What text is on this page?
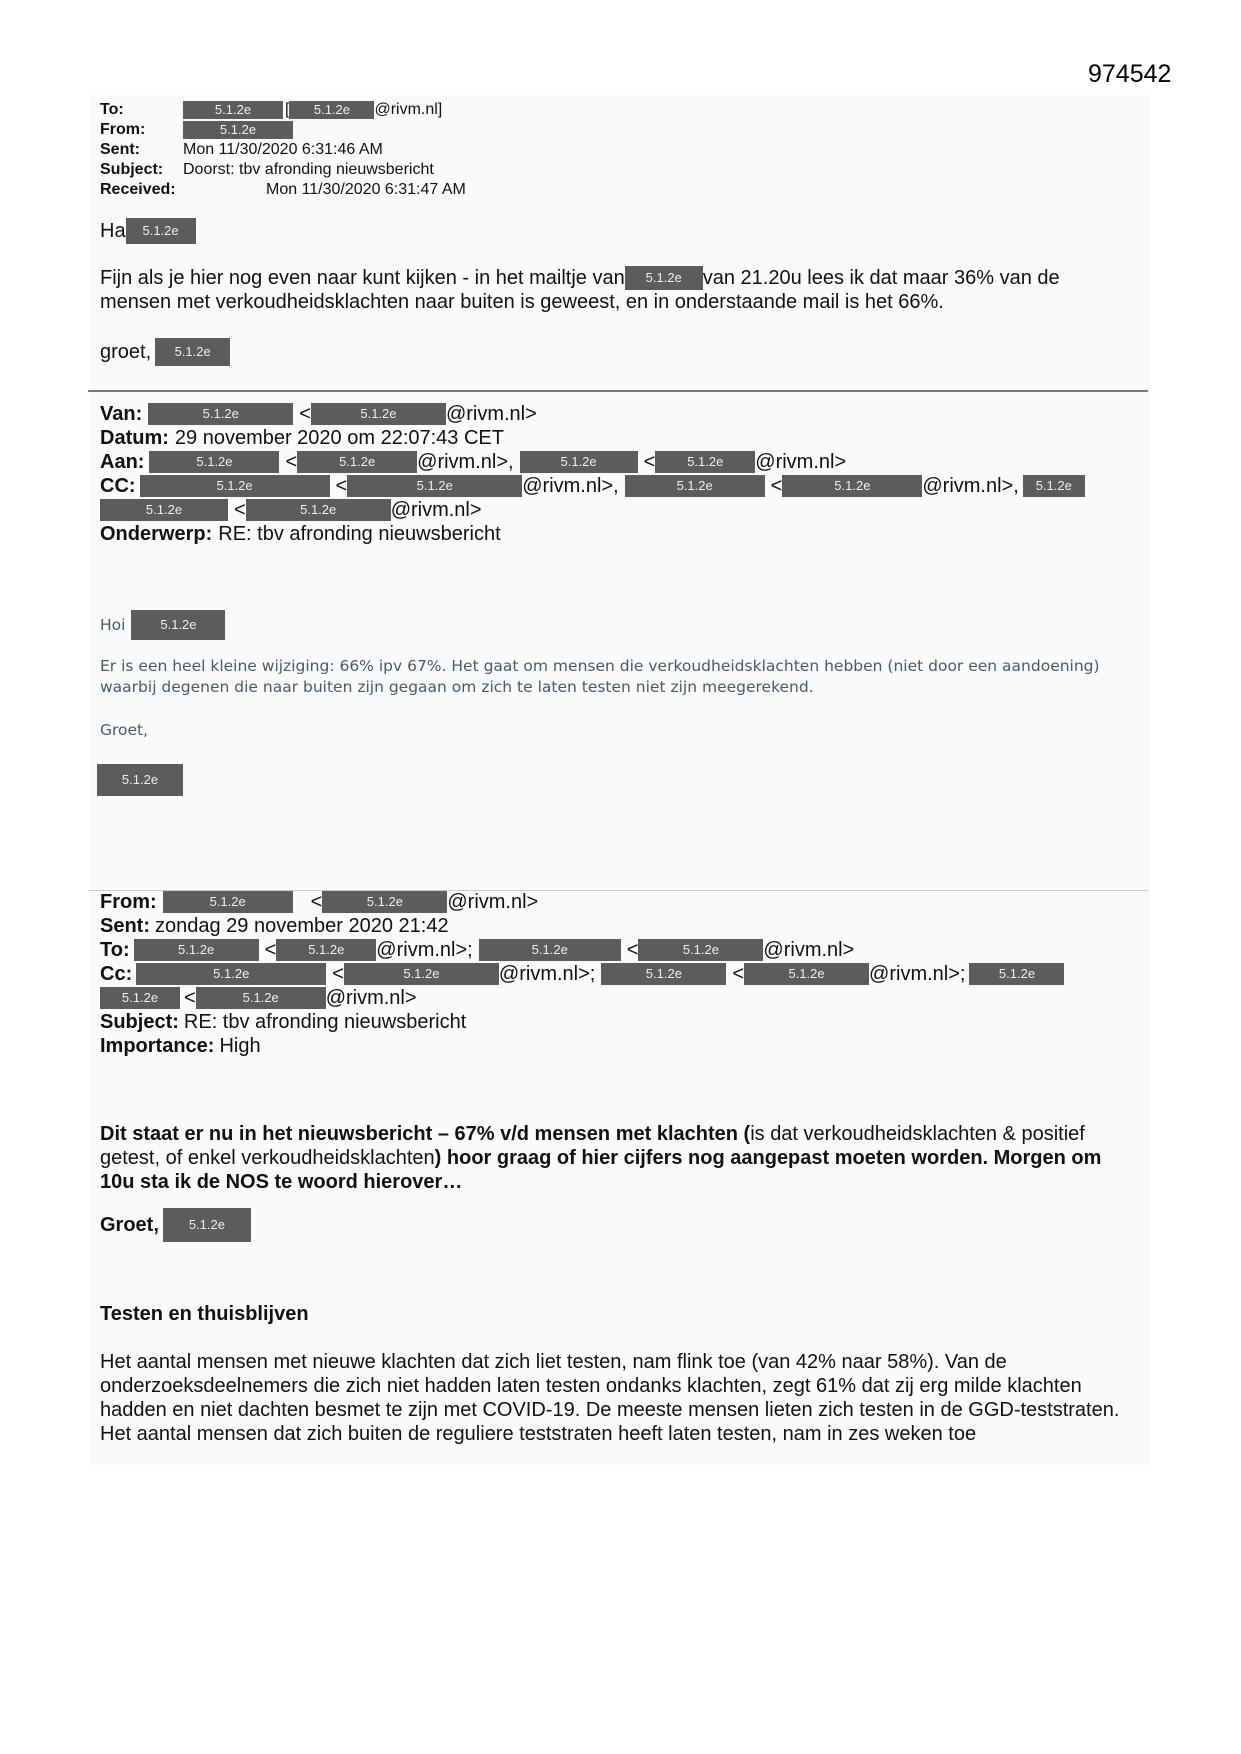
974542
To:	5.1.2e	[	5.1.2e	@rivm.nl]
From:	5.1.2e
Sent:	Mon 11/30/2020 6:31:46 AM
Subject:	Doorst: tbv afronding nieuwsbericht
Received:	Mon 11/30/2020 6:31:47 AM
Ha	5.1.2e
Fijn als je hier nog even naar kunt kijken - in het mailtje van	5.1.2e	van 21.20u lees ik dat maar 36% van de
mensen met verkoudheidsklachten naar buiten is geweest, en in onderstaande mail is het 66%.
groet,	5.1.2e
Van:	5.1.2e	<	5.1.2e	@rivm.nl>
Datum: 29 november 2020 om 22:07:43 CET
Aan:	5.1.2e	<	5.1.2e	@rivm.nl>,	5.1.2e	<	5.1.2e	@rivm.nl>
CC:	5.1.2e	<	5.1.2e	@rivm.nl>,	5.1.2e	<	5.1.2e	@rivm.nl>,	5.1.2e
5.1.2e	<	5.1.2e	@rivm.nl>
Onderwerp: RE: tbv afronding nieuwsbericht
Hoi	5.1.2e
Er is een heel kleine wijziging: 66% ipv 67%. Het gaat om mensen die verkoudheidsklachten hebben (niet door een aandoening) waarbij degenen die naar buiten zijn gegaan om zich te laten testen niet zijn meegerekend.
Groet,
5.1.2e
From:	5.1.2e	<	5.1.2e	@rivm.nl>
Sent: zondag 29 november 2020 21:42
To:	5.1.2e	<	5.1.2e	@rivm.nl>;	5.1.2e	<	5.1.2e	@rivm.nl>
Cc:	5.1.2e	<	5.1.2e	@rivm.nl>;	5.1.2e	<	5.1.2e	@rivm.nl>;	5.1.2e
5.1.2e	<	5.1.2e	@rivm.nl>
Subject: RE: tbv afronding nieuwsbericht
Importance: High
Dit staat er nu in het nieuwsbericht – 67% v/d mensen met klachten (is dat verkoudheidsklachten & positief getest, of enkel verkoudheidsklachten) hoor graag of hier cijfers nog aangepast moeten worden. Morgen om 10u sta ik de NOS te woord hierover…
Groet,	5.1.2e
Testen en thuisblijven
Het aantal mensen met nieuwe klachten dat zich liet testen, nam flink toe (van 42% naar 58%). Van de onderzoeksdeelnemers die zich niet hadden laten testen ondanks klachten, zegt 61% dat zij erg milde klachten hadden en niet dachten besmet te zijn met COVID-19. De meeste mensen lieten zich testen in de GGD-teststraten. Het aantal mensen dat zich buiten de reguliere teststraten heeft laten testen, nam in zes weken toe
